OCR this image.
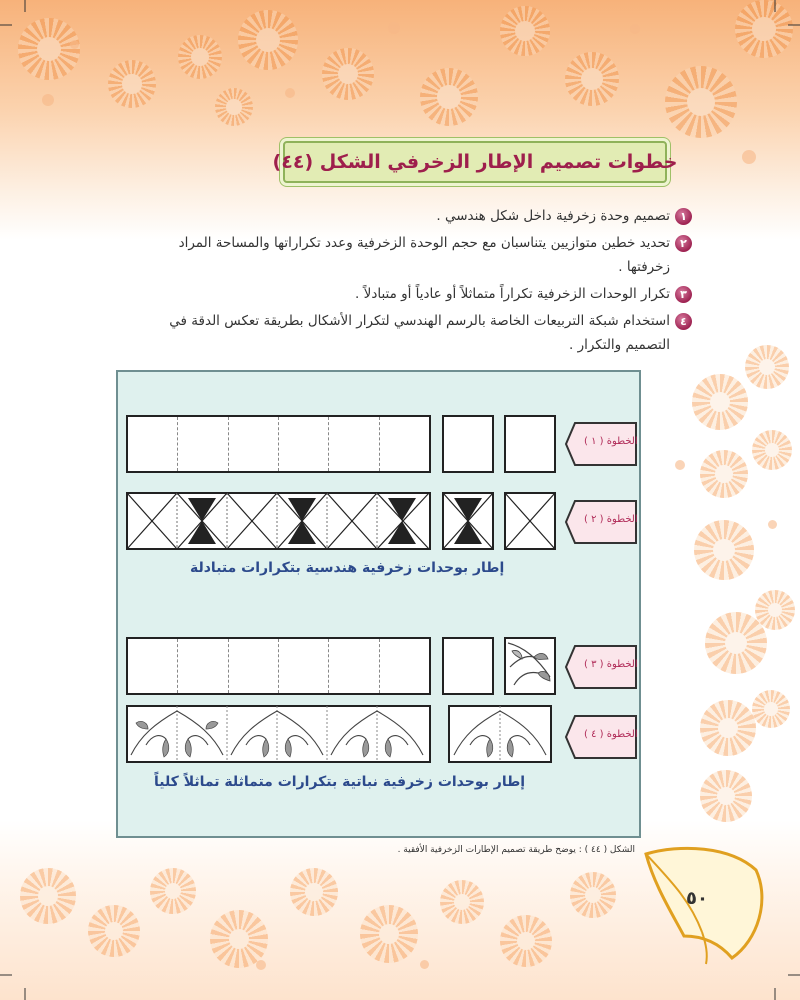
خطوات تصميم الإطار الزخرفي الشكل (٤٤)
١
تصميم وحدة زخرفية داخل شكل هندسي .
٢
تحديد خطين متوازيين يتناسبان مع حجم الوحدة الزخرفية وعدد تكراراتها والمساحة المراد
زخرفتها .
٣
تكرار الوحدات الزخرفية تكراراً متماثلاً أو عادياً أو متبادلاً .
٤
استخدام شبكة التربيعات الخاصة بالرسم الهندسي لتكرار الأشكال بطريقة تعكس الدقة في
التصميم والتكرار .
الخطوة ( ١ )
الخطوة ( ٢ )
إطار بوحدات زخرفية هندسية بتكرارات متبادلة
الخطوة ( ٣ )
الخطوة ( ٤ )
إطار بوحدات زخرفية نباتية بتكرارات متماثلة تماثلاً كلياً
الشكل ( ٤٤ ) : يوضح طريقة تصميم الإطارات الزخرفية الأفقية .
٥٠
